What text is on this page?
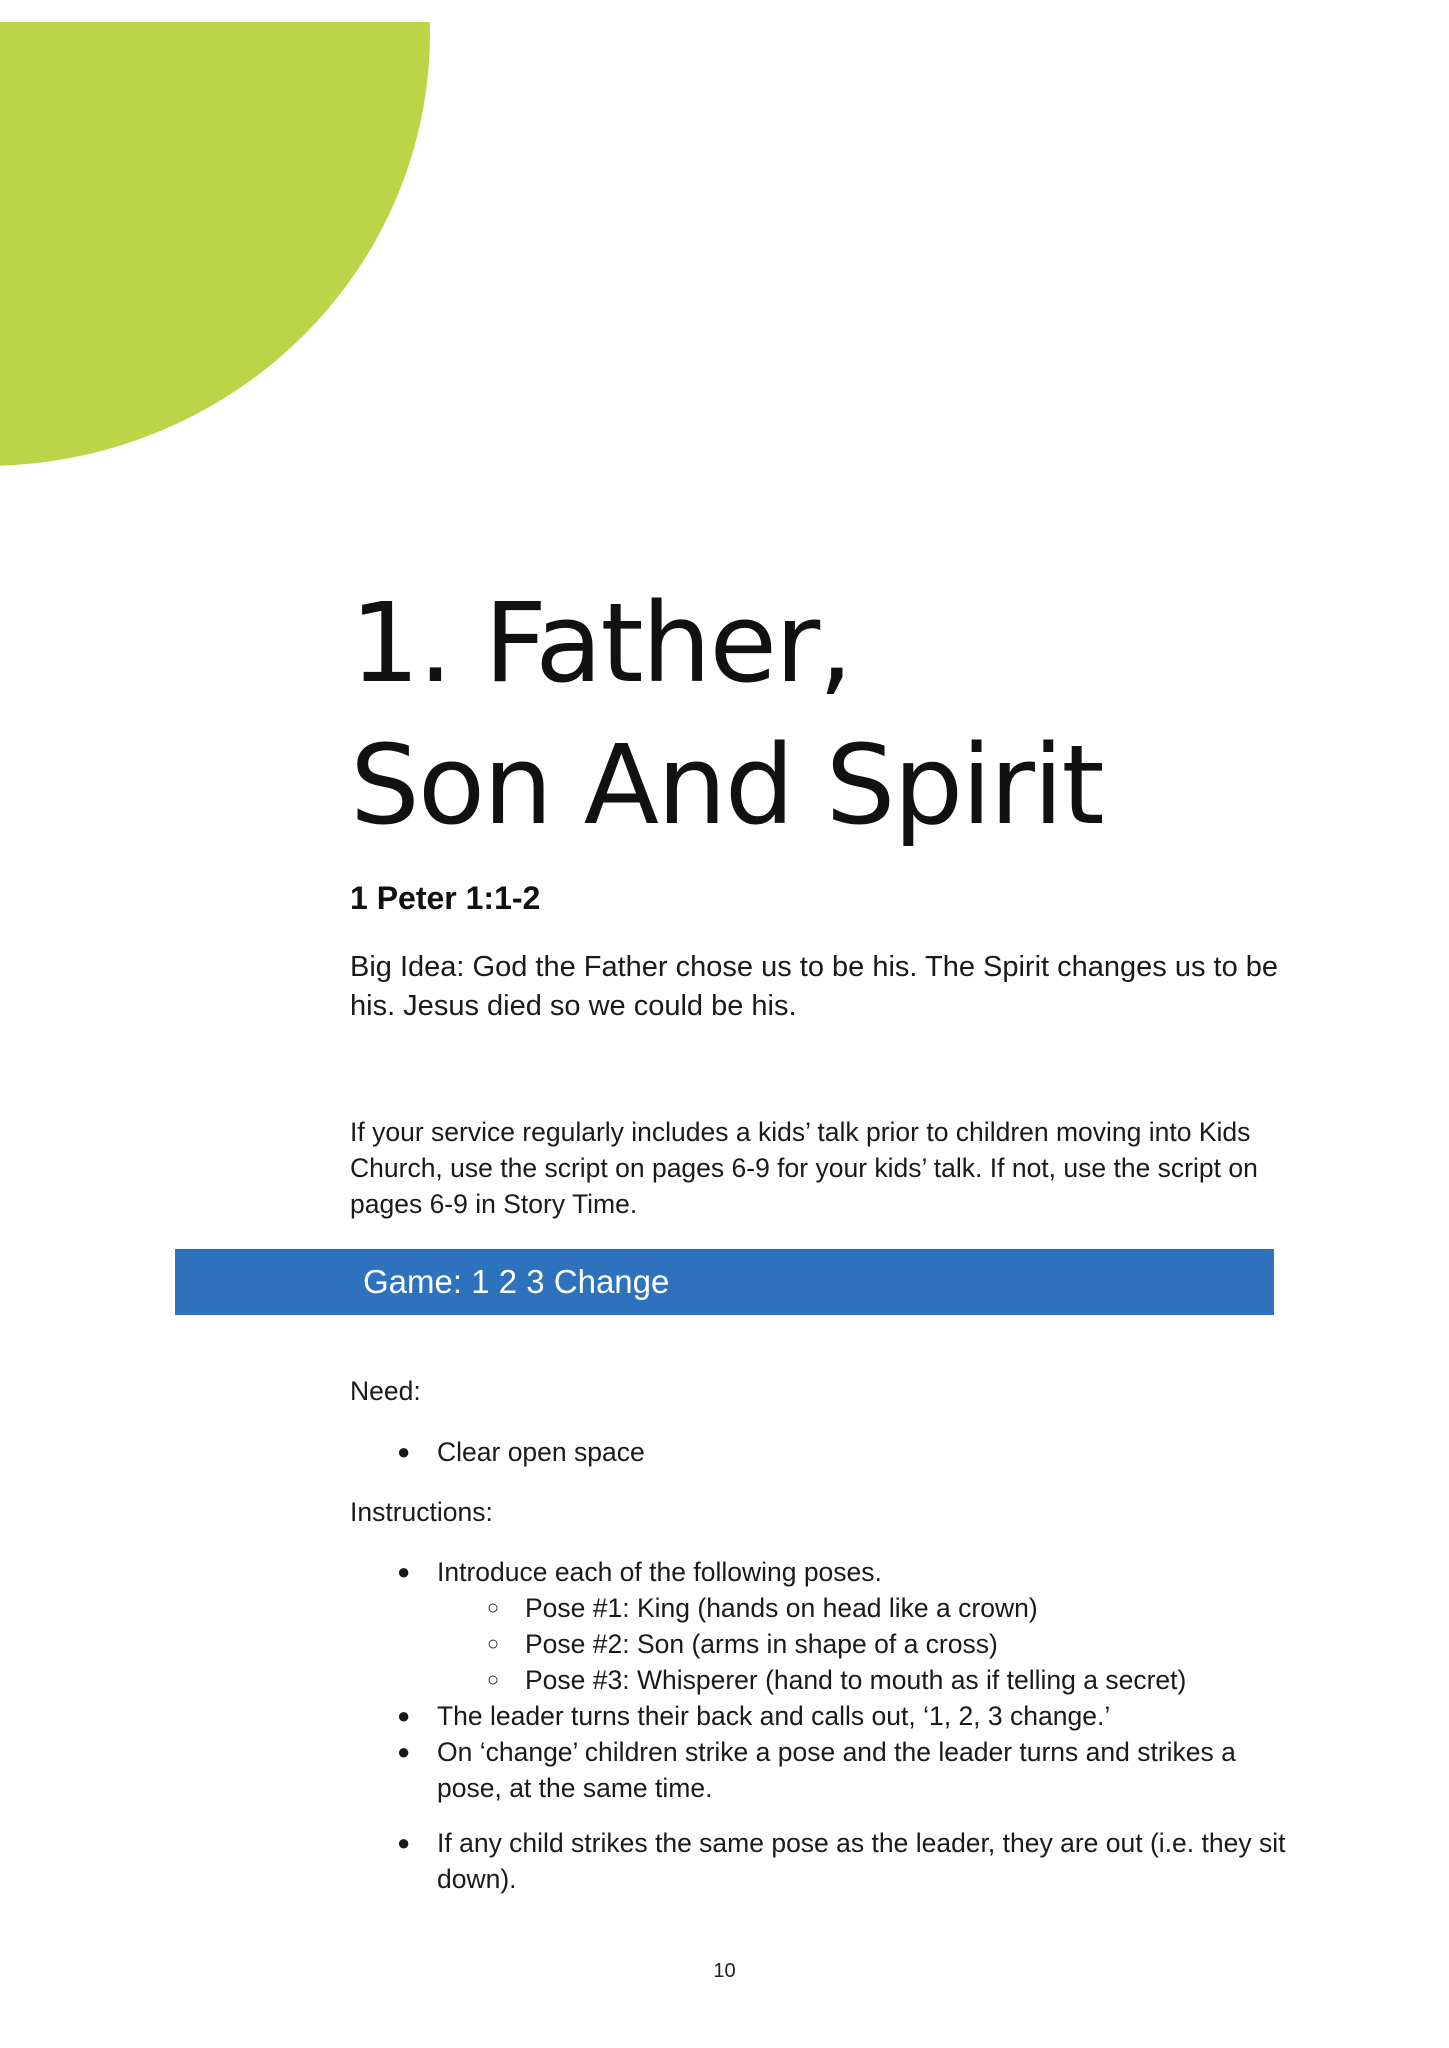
1. Father,
Son And Spirit

1 Peter 1:1-2

Big Idea: God the Father chose us to be his. The Spirit changes us to be his. Jesus died so we could be his.

If your service regularly includes a kids’ talk prior to children moving into Kids Church, use the script on pages 6-9 for your kids’ talk. If not, use the script on pages 6-9 in Story Time.

Game: 1 2 3 Change

Need:

● Clear open space

Instructions:

● Introduce each of the following poses.

○ Pose #1: King (hands on head like a crown)

○ Pose #2: Son (arms in shape of a cross)

○ Pose #3: Whisperer (hand to mouth as if telling a secret)

● The leader turns their back and calls out, ‘1, 2, 3 change.’

● On ‘change’ children strike a pose and the leader turns and strikes a pose, at the same time.

● If any child strikes the same pose as the leader, they are out (i.e. they sit down).

10
